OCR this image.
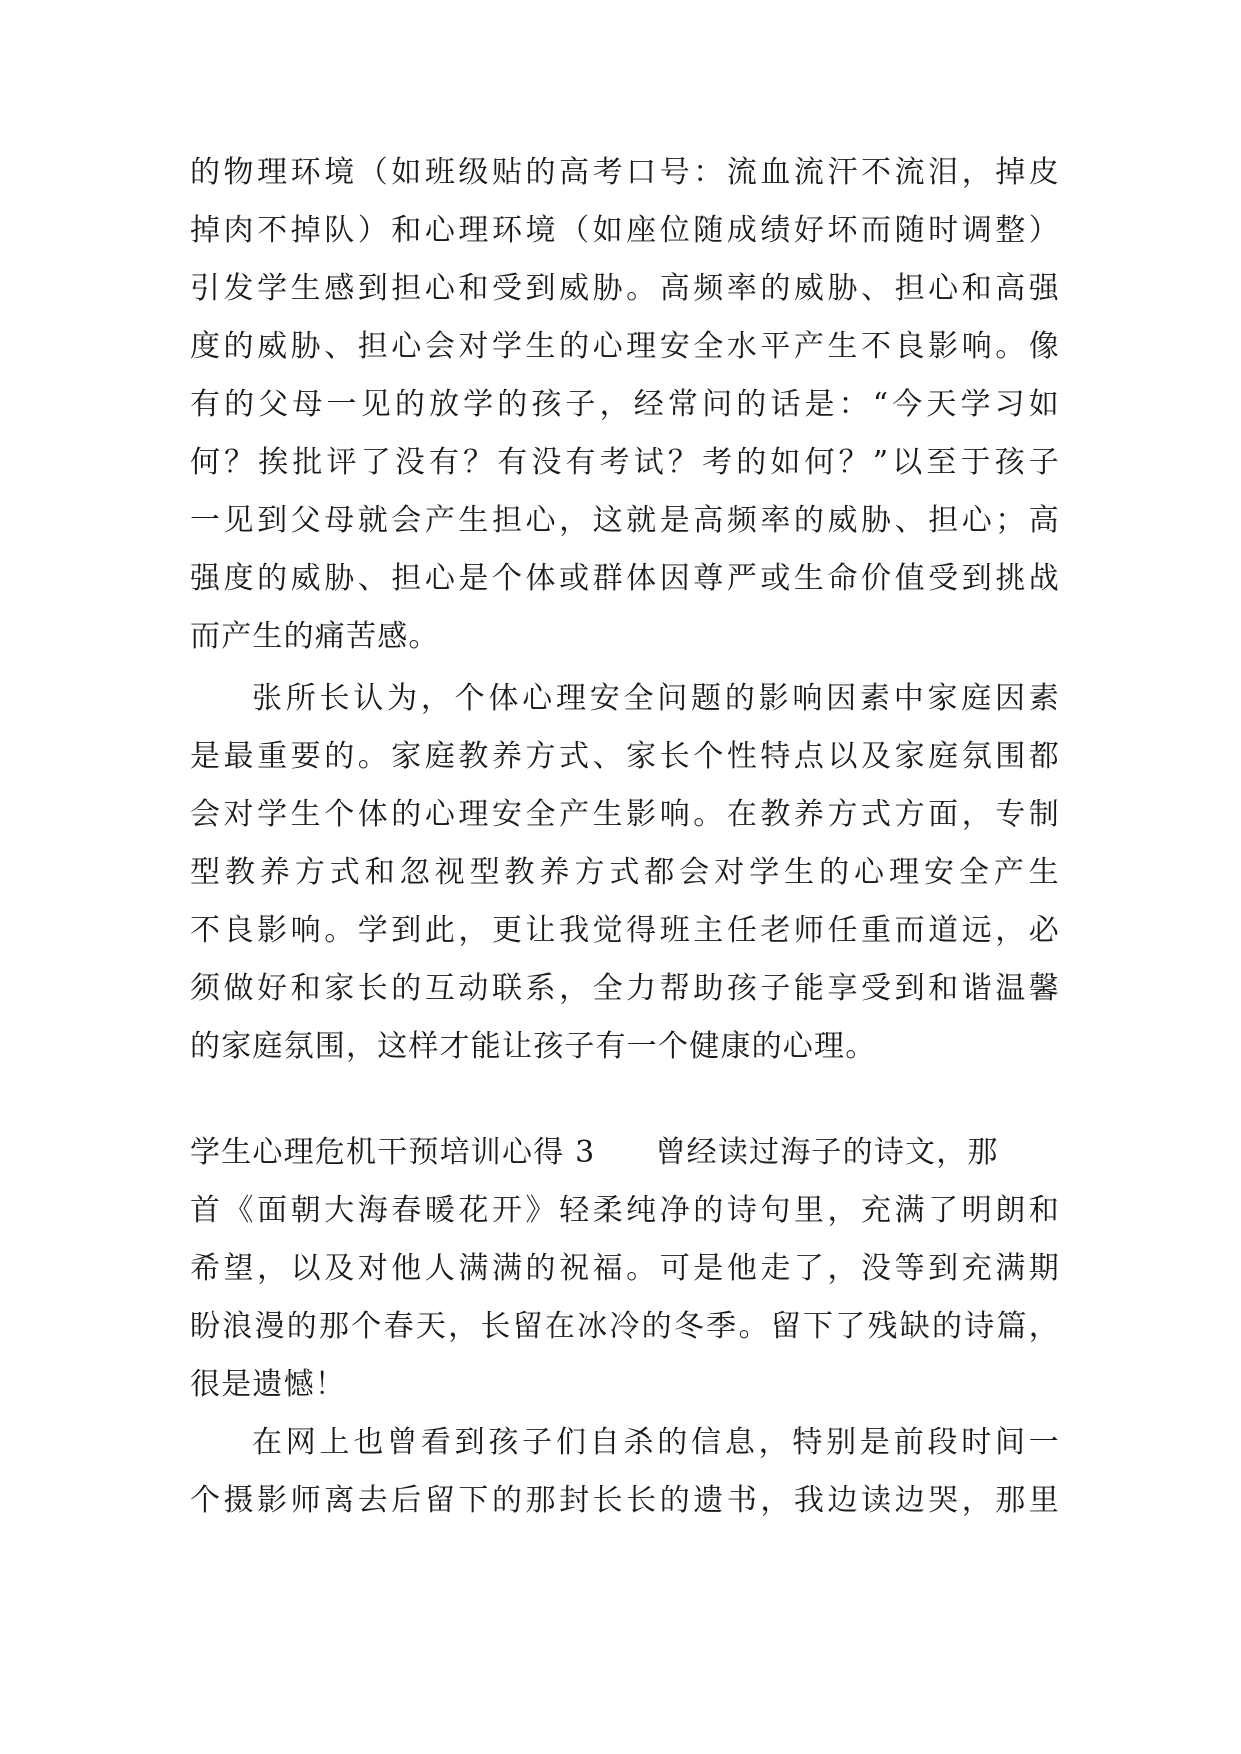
的物理环境（如班级贴的高考口号：流血流汗不流泪，掉皮
掉肉不掉队）和心理环境（如座位随成绩好坏而随时调整）
引发学生感到担心和受到威胁。高频率的威胁、担心和高强
度的威胁、担心会对学生的心理安全水平产生不良影响。像
有的父母一见的放学的孩子，经常问的话是：“今天学习如
何？挨批评了没有？有没有考试？考的如何？”以至于孩子
一见到父母就会产生担心，这就是高频率的威胁、担心；高
强度的威胁、担心是个体或群体因尊严或生命价值受到挑战
而产生的痛苦感。
张所长认为，个体心理安全问题的影响因素中家庭因素
是最重要的。家庭教养方式、家长个性特点以及家庭氛围都
会对学生个体的心理安全产生影响。在教养方式方面，专制
型教养方式和忽视型教养方式都会对学生的心理安全产生
不良影响。学到此，更让我觉得班主任老师任重而道远，必
须做好和家长的互动联系，全力帮助孩子能享受到和谐温馨
的家庭氛围，这样才能让孩子有一个健康的心理。
学生心理危机干预培训心得 3 曾经读过海子的诗文，那
首《面朝大海春暖花开》轻柔纯净的诗句里，充满了明朗和
希望，以及对他人满满的祝福。可是他走了，没等到充满期
盼浪漫的那个春天，长留在冰冷的冬季。留下了残缺的诗篇，
很是遗憾！
在网上也曾看到孩子们自杀的信息，特别是前段时间一
个摄影师离去后留下的那封长长的遗书，我边读边哭，那里
